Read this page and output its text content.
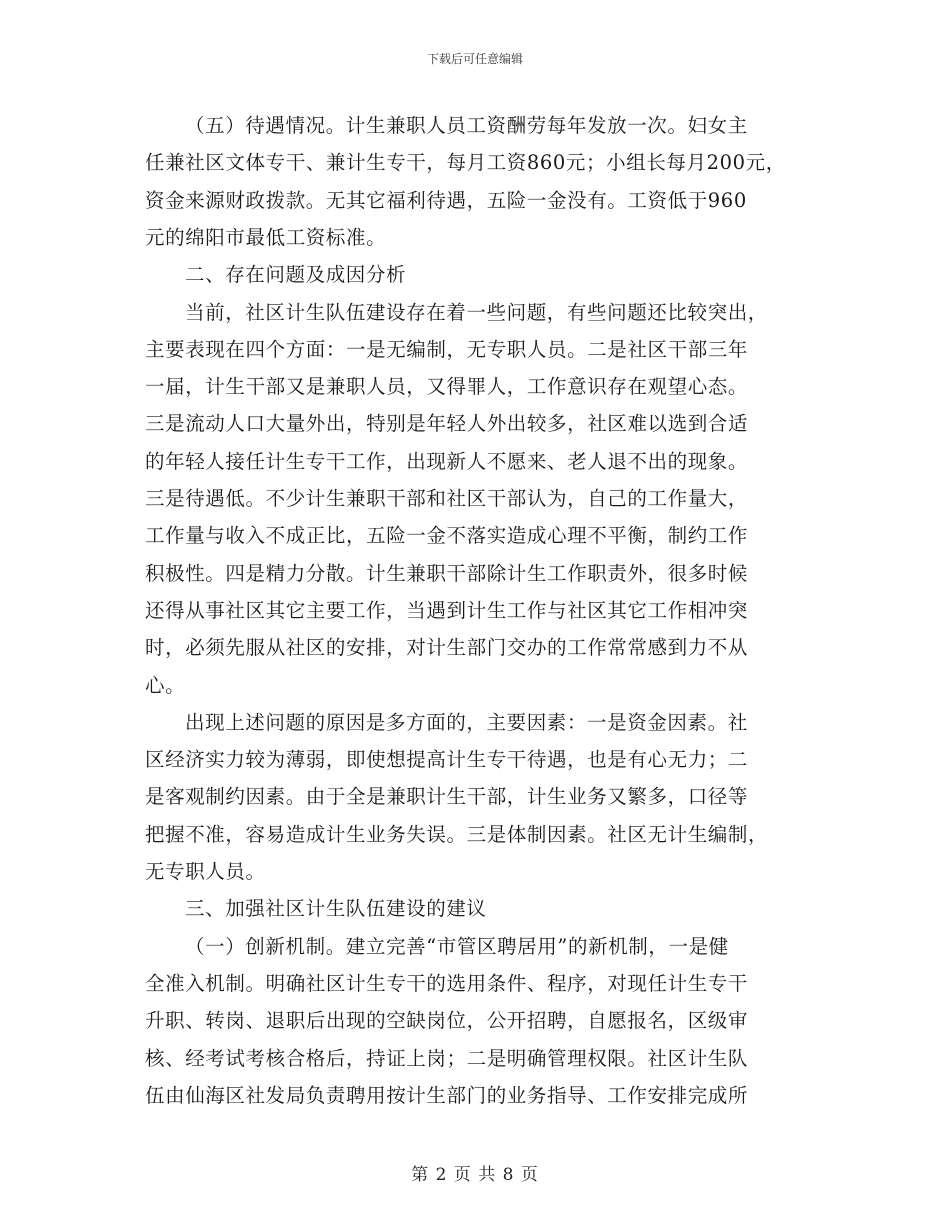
下载后可任意编辑
（五）待遇情况。计生兼职人员工资酬劳每年发放一次。妇女主
任兼社区文体专干、兼计生专干，每月工资860元；小组长每月200元，
资金来源财政拨款。无其它福利待遇，五险一金没有。工资低于960
元的绵阳市最低工资标准。
二、存在问题及成因分析
当前，社区计生队伍建设存在着一些问题，有些问题还比较突出，
主要表现在四个方面：一是无编制，无专职人员。二是社区干部三年
一届，计生干部又是兼职人员，又得罪人，工作意识存在观望心态。
三是流动人口大量外出，特别是年轻人外出较多，社区难以选到合适
的年轻人接任计生专干工作，出现新人不愿来、老人退不出的现象。
三是待遇低。不少计生兼职干部和社区干部认为，自己的工作量大，
工作量与收入不成正比，五险一金不落实造成心理不平衡，制约工作
积极性。四是精力分散。计生兼职干部除计生工作职责外，很多时候
还得从事社区其它主要工作，当遇到计生工作与社区其它工作相冲突
时，必须先服从社区的安排，对计生部门交办的工作常常感到力不从
心。
出现上述问题的原因是多方面的，主要因素：一是资金因素。社
区经济实力较为薄弱，即使想提高计生专干待遇，也是有心无力；二
是客观制约因素。由于全是兼职计生干部，计生业务又繁多，口径等
把握不准，容易造成计生业务失误。三是体制因素。社区无计生编制，
无专职人员。
三、加强社区计生队伍建设的建议
（一）创新机制。建立完善“市管区聘居用”的新机制，一是健
全准入机制。明确社区计生专干的选用条件、程序，对现任计生专干
升职、转岗、退职后出现的空缺岗位，公开招聘，自愿报名，区级审
核、经考试考核合格后，持证上岗；二是明确管理权限。社区计生队
伍由仙海区社发局负责聘用按计生部门的业务指导、工作安排完成所
第 2 页 共 8 页
